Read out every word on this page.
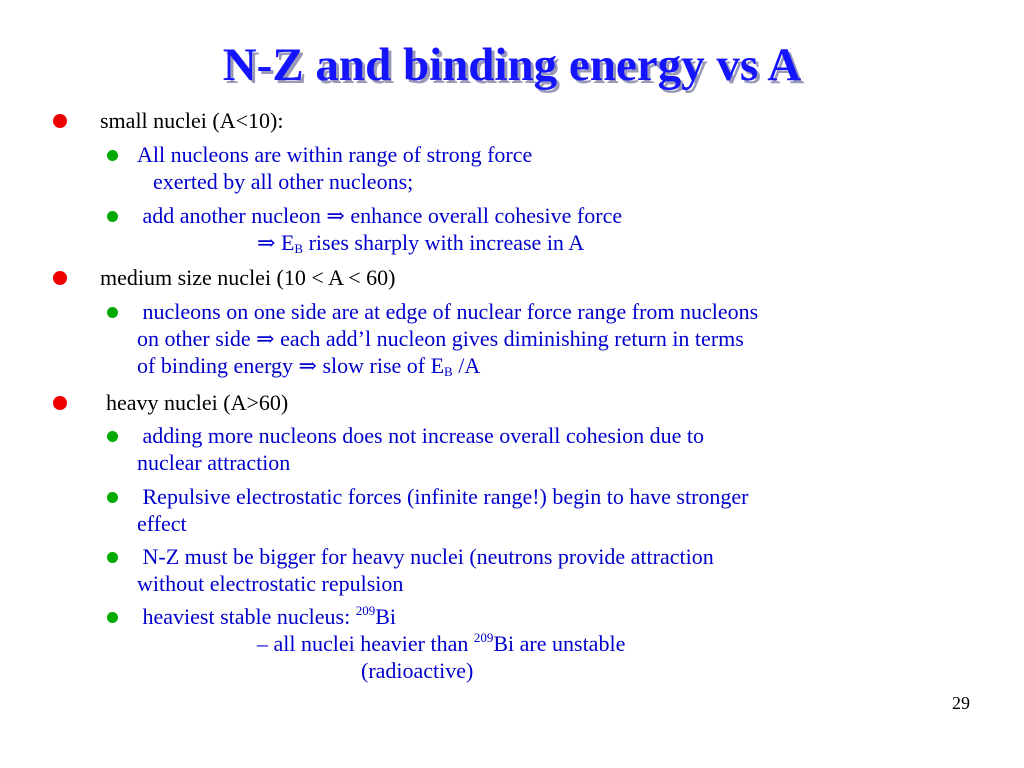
N-Z and binding energy vs A
small nuclei (A<10):
All nucleons are within range of strong force
exerted by all other nucleons;
add another nucleon ⇒ enhance overall cohesive force
⇒ $E_B$ rises sharply with increase in A
medium size nuclei (10 < A < 60)
nucleons on one side are at edge of nuclear force range from nucleons
on other side ⇒ each add’l nucleon gives diminishing return in terms
of binding energy ⇒ slow rise of $E_B$ /A
heavy nuclei (A>60)
adding more nucleons does not increase overall cohesion due to
nuclear attraction
Repulsive electrostatic forces (infinite range!) begin to have stronger
effect
N-Z must be bigger for heavy nuclei (neutrons provide attraction
without electrostatic repulsion
heaviest stable nucleus: $^{209}$Bi
– all nuclei heavier than $^{209}$Bi are unstable
(radioactive)
29
